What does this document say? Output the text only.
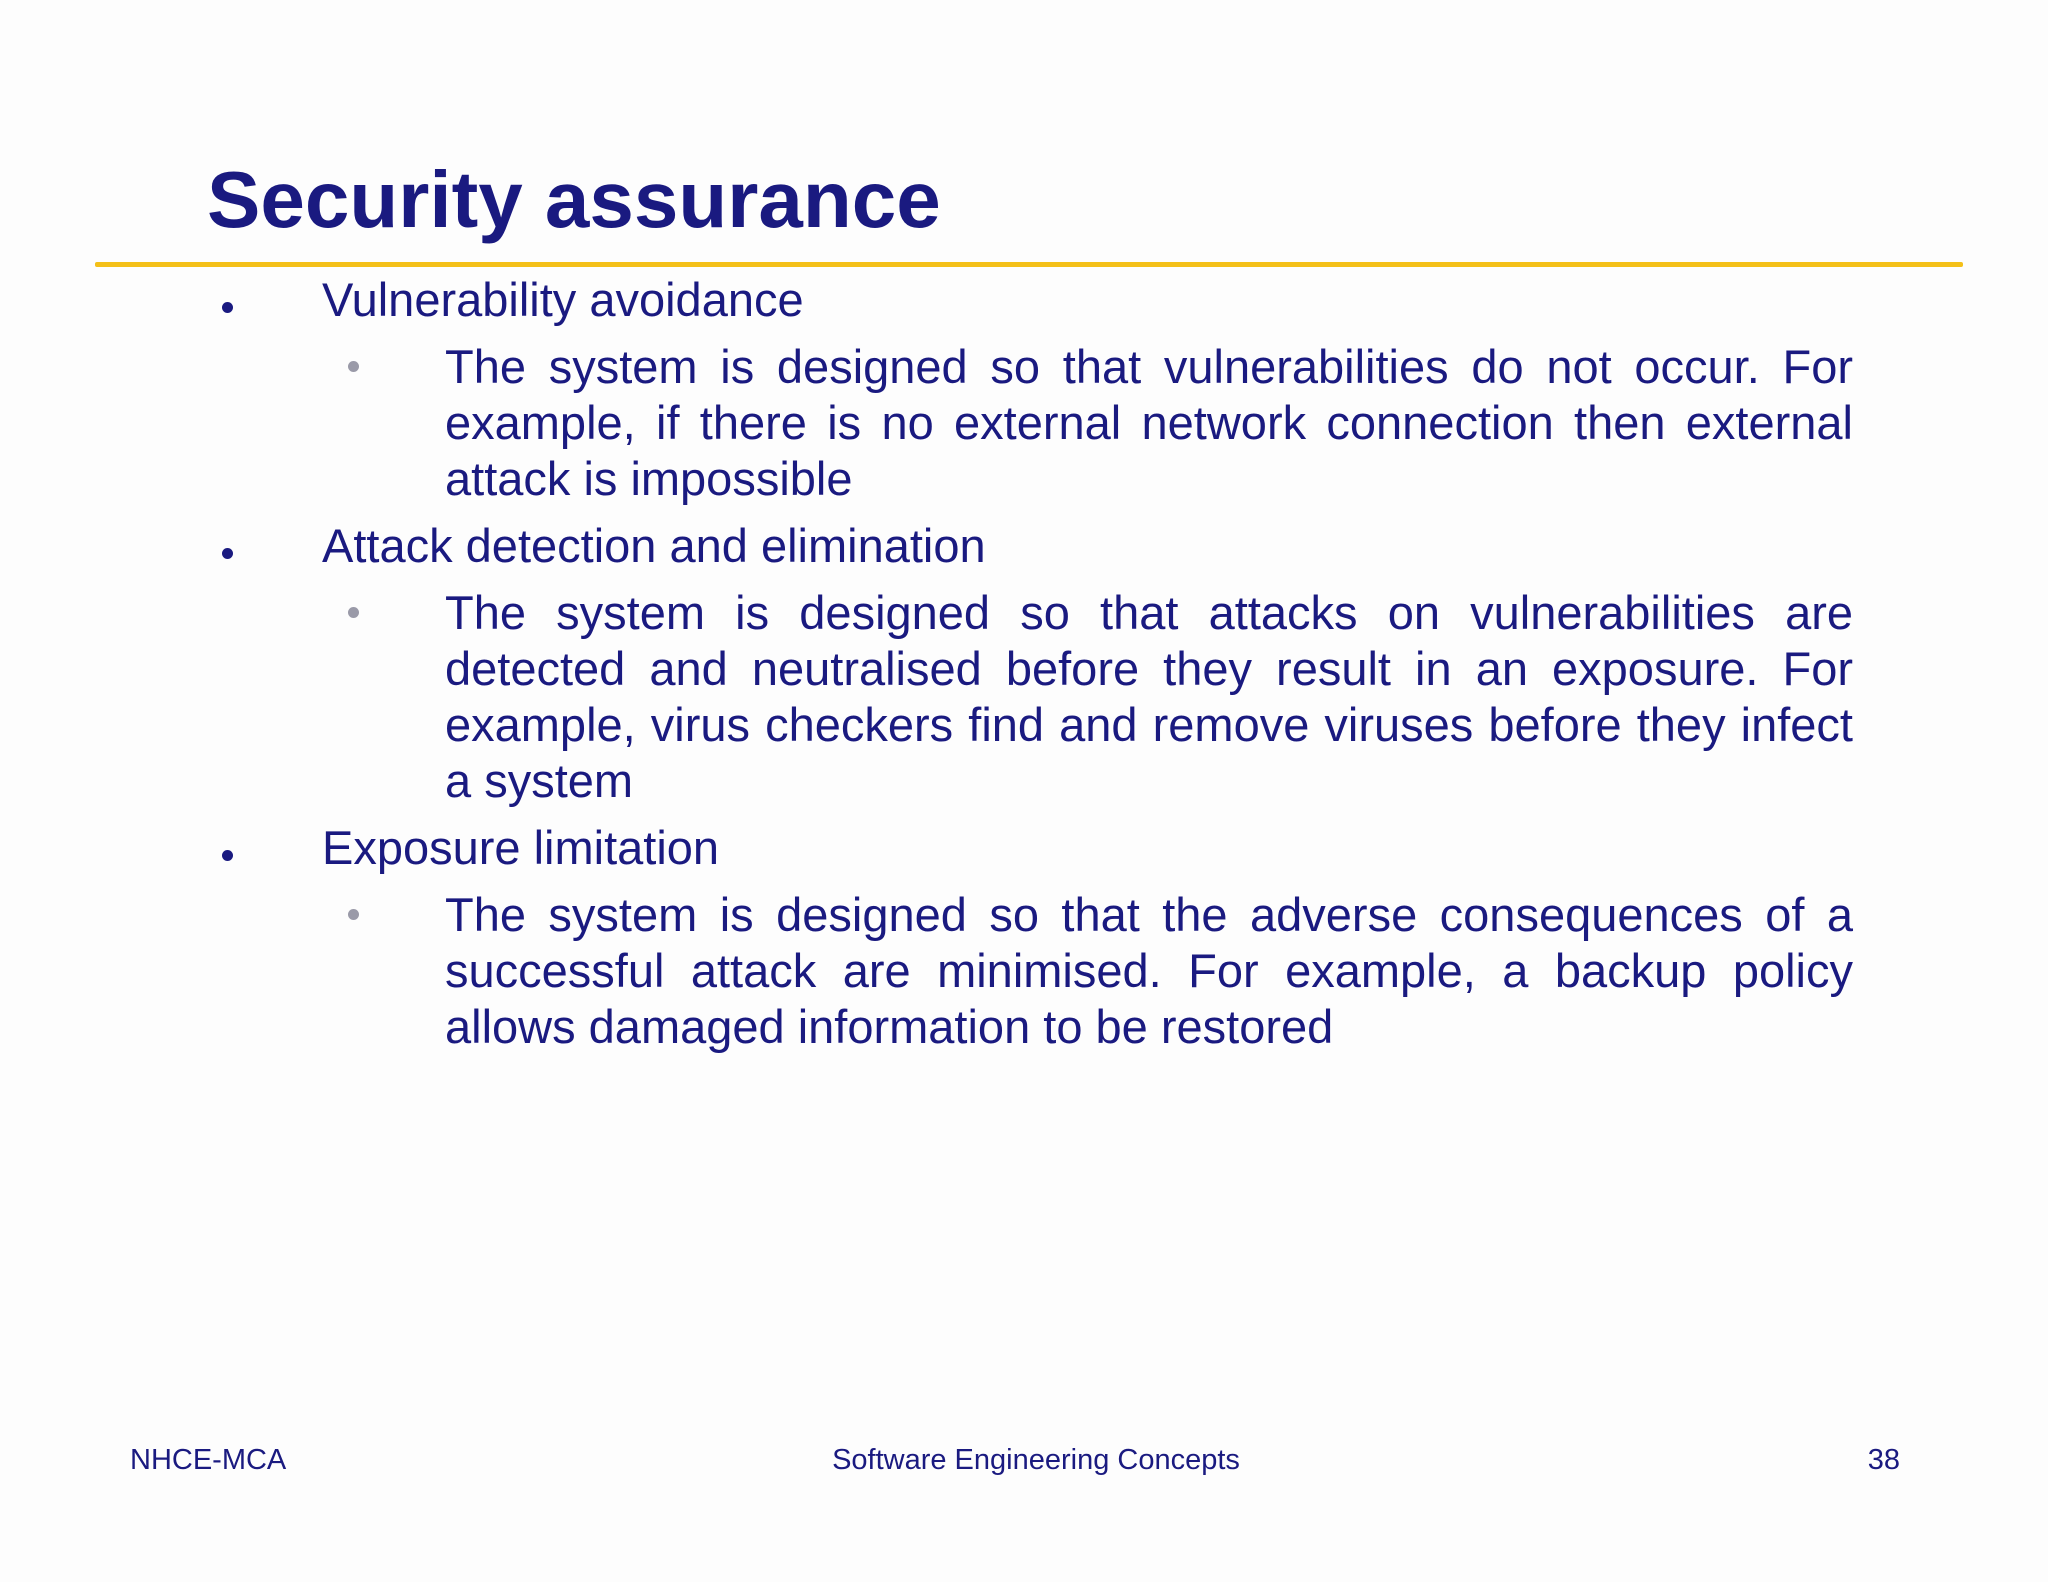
Security assurance
Vulnerability avoidance
The system is designed so that vulnerabilities do not occur. For example, if there is no external network connection then external attack is impossible
Attack detection and elimination
The system is designed so that attacks on vulnerabilities are detected and neutralised before they result in an exposure. For example, virus checkers find and remove viruses before they infect a system
Exposure limitation
The system is designed so that the adverse consequences of a successful attack are minimised. For example, a backup policy allows damaged information to be restored
NHCE-MCA	Software Engineering Concepts	38
